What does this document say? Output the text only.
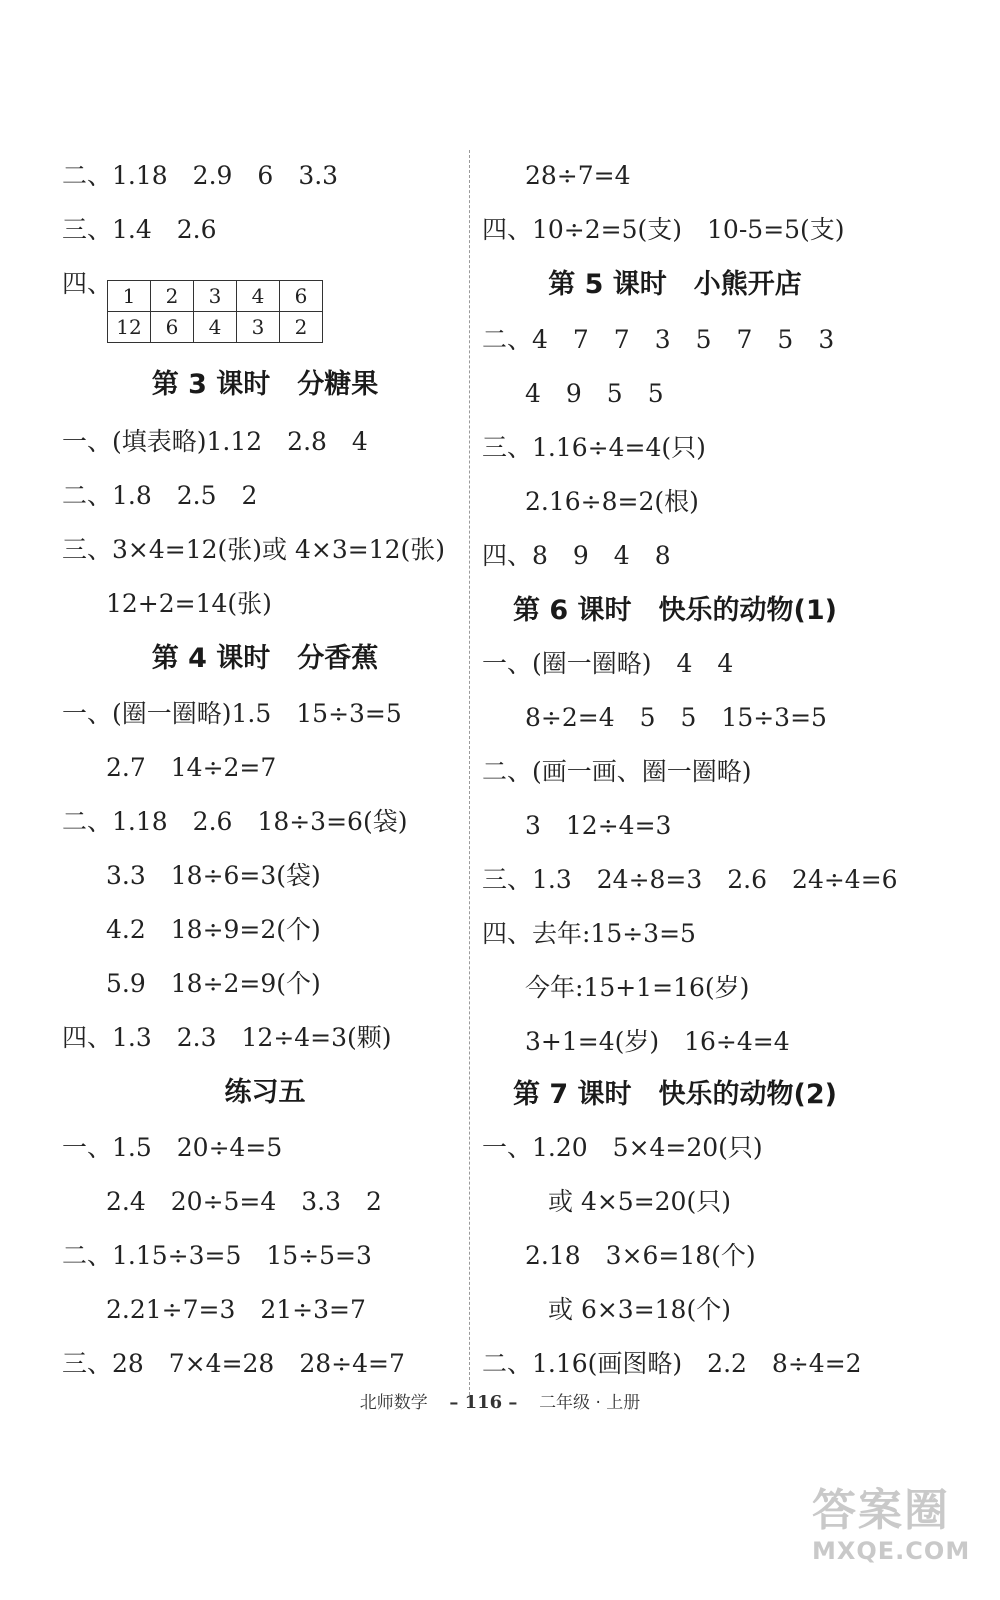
二、1.18　2.9　6　3.3
三、1.4　2.6
四、 1	2	3	4	6
12	6	4	3	2
第 3 课时　分糖果
一、(填表略)1.12　2.8　4
二、1.8　2.5　2
三、3×4=12(张)或 4×3=12(张)
12+2=14(张)
第 4 课时　分香蕉
一、(圈一圈略)1.5　15÷3=5
2.7　14÷2=7
二、1.18　2.6　18÷3=6(袋)
3.3　18÷6=3(袋)
4.2　18÷9=2(个)
5.9　18÷2=9(个)
四、1.3　2.3　12÷4=3(颗)
练习五
一、1.5　20÷4=5
2.4　20÷5=4　3.3　2
二、1.15÷3=5　15÷5=3
2.21÷7=3　21÷3=7
三、28　7×4=28　28÷4=7
28÷7=4
四、10÷2=5(支)　10-5=5(支)
第 5 课时　小熊开店
二、4　7　7　3　5　7　5　3
4　9　5　5
三、1.16÷4=4(只)
2.16÷8=2(根)
四、8　9　4　8
第 6 课时　快乐的动物(1)
一、(圈一圈略)　4　4
8÷2=4　5　5　15÷3=5
二、(画一画、圈一圈略)
3　12÷4=3
三、1.3　24÷8=3　2.6　24÷4=6
四、去年:15÷3=5
今年:15+1=16(岁)
3+1=4(岁)　16÷4=4
第 7 课时　快乐的动物(2)
一、1.20　5×4=20(只)
或 4×5=20(只)
2.18　3×6=18(个)
或 6×3=18(个)
二、1.16(画图略)　2.2　8÷4=2
北师数学 – 116 – 二年级 · 上册
答案圈
MXQE.COM
